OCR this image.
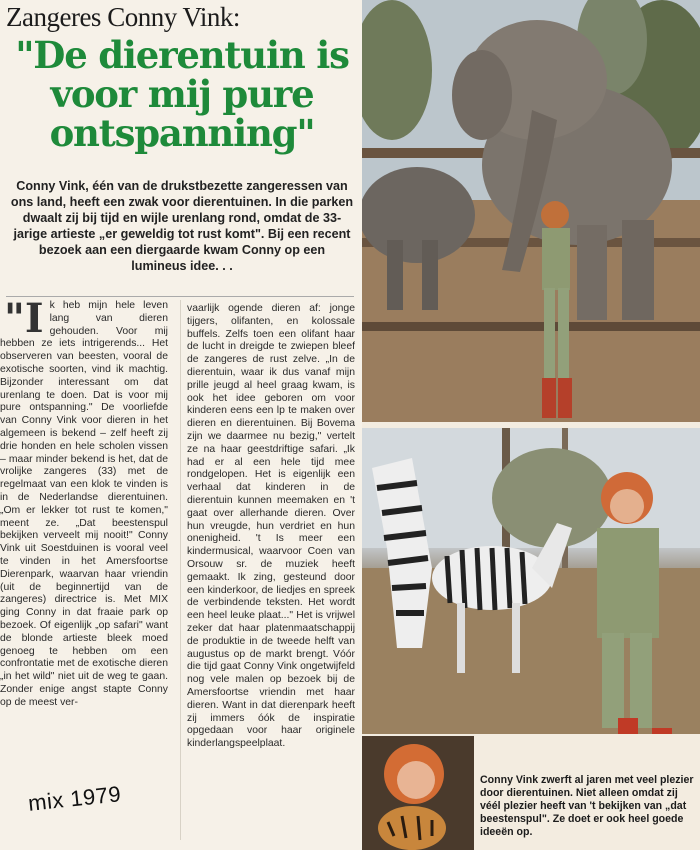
Zangeres Conny Vink:
"De dierentuin is voor mij pure ontspanning"
Conny Vink, één van de drukstbezette zangeressen van ons land, heeft een zwak voor dierentuinen. In die parken dwaalt zij bij tijd en wijle urenlang rond, omdat de 33-jarige artieste „er geweldig tot rust komt". Bij een recent bezoek aan een diergaarde kwam Conny op een lumineus idee. . .
"I k heb mijn hele leven lang van dieren gehouden. Voor mij hebben ze iets intrigerends... Het observeren van beesten, vooral de exotische soorten, vind ik machtig. Bijzonder interessant om dat urenlang te doen. Dat is voor mij pure ontspanning." De voorliefde van Conny Vink voor dieren in het algemeen is bekend – zelf heeft zij drie honden en hele scholen vissen – maar minder bekend is het, dat de vrolijke zangeres (33) met de regelmaat van een klok te vinden is in de Nederlandse dierentuinen. „Om er lekker tot rust te komen," meent ze. „Dat beestenspul bekijken verveelt mij nooit!" Conny Vink uit Soestduinen is vooral veel te vinden in het Amersfoortse Dierenpark, waarvan haar vriendin (uit de beginnertijd van de zangeres) directrice is. Met MIX ging Conny in dat fraaie park op bezoek. Of eigenlijk „op safari" want de blonde artieste bleek moed genoeg te hebben om een confrontatie met de exotische dieren „in het wild" niet uit de weg te gaan. Zonder enige angst stapte Conny op de meest ver-
vaarlijk ogende dieren af: jonge tijgers, olifanten, en kolossale buffels. Zelfs toen een olifant haar de lucht in dreigde te zwiepen bleef de zangeres de rust zelve. „In de dierentuin, waar ik dus vanaf mijn prille jeugd al heel graag kwam, is ook het idee geboren om voor kinderen eens een lp te maken over dieren en dierentuinen. Bij Bovema zijn we daarmee nu bezig," vertelt ze na haar geestdriftige safari. „Ik had er al een hele tijd mee rondgelopen. Het is eigenlijk een verhaal dat kinderen in de dierentuin kunnen meemaken en 't gaat over allerhande dieren. Over hun vreugde, hun verdriet en hun onenigheid. 't Is meer een kindermusical, waarvoor Coen van Orsouw sr. de muziek heeft gemaakt. Ik zing, gesteund door een kinderkoor, de liedjes en spreek de verbindende teksten. Het wordt een heel leuke plaat..." Het is vrijwel zeker dat haar platenmaatschappij de produktie in de tweede helft van augustus op de markt brengt. Vóór die tijd gaat Conny Vink ongetwijfeld nog vele malen op bezoek bij de Amersfoortse vriendin met haar dieren. Want in dat dierenpark heeft zij immers óók de inspiratie opgedaan voor haar originele kinderlangspeelplaat.
mix 1979
Conny Vink zwerft al jaren met veel plezier door dierentuinen. Niet alleen omdat zij véél plezier heeft van 't bekijken van „dat beestenspul". Ze doet er ook heel goede ideeën op.
